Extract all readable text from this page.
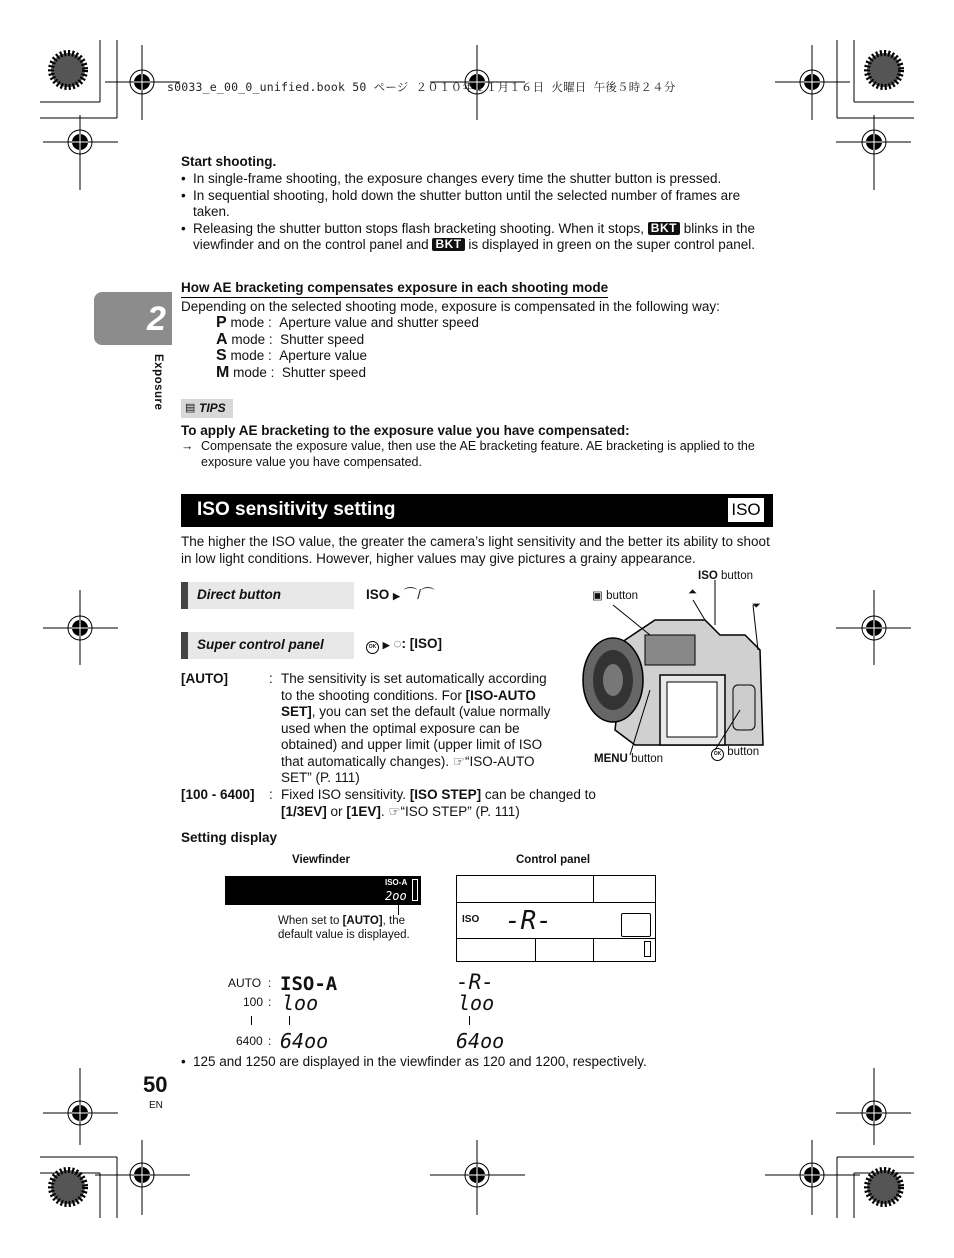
s0033_e_00_0_unified.book 50 ページ ２０１０年１１月１６日 火曜日 午後５時２４分
2
Exposure
Start shooting.
• In single-frame shooting, the exposure changes every time the shutter button is pressed.
• In sequential shooting, hold down the shutter button until the selected number of frames are taken.
• Releasing the shutter button stops flash bracketing shooting. When it stops, BKT blinks in the viewfinder and on the control panel and BKT is displayed in green on the super control panel.
How AE bracketing compensates exposure in each shooting mode
Depending on the selected shooting mode, exposure is compensated in the following way:
P mode :  Aperture value and shutter speed
A mode :  Shutter speed
S mode :  Aperture value
M mode :  Shutter speed
▤ TIPS
To apply AE bracketing to the exposure value you have compensated:
→ Compensate the exposure value, then use the AE bracketing feature. AE bracketing is applied to the exposure value you have compensated.
ISO sensitivity setting	ISO
The higher the ISO value, the greater the camera’s light sensitivity and the better its ability to shoot in low light conditions. However, higher values may give pictures a grainy appearance.
Direct button	ISO ▶ ⌒/⌒
Super control panel	OK ▶ ◌: [ISO]
[AUTO]	: The sensitivity is set automatically according to the shooting conditions. For [ISO-AUTO SET], you can set the default (value normally used when the optimal exposure can be obtained) and upper limit (upper limit of ISO that automatically changes). ☞“ISO-AUTO SET” (P. 111)
[100 - 6400] : Fixed ISO sensitivity. [ISO STEP] can be changed to [1/3EV] or [1EV]. ☞“ISO STEP” (P. 111)
ISO button
▣ button	⏶
⏷
MENU button	OK button
Setting display
Viewfinder	Control panel
ISO-A
2oo
When set to [AUTO], the default value is displayed.
ISO -R-
AUTO : ISO-A	-R-
100 : loo	loo
6400 : 64oo	64oo
• 125 and 1250 are displayed in the viewfinder as 120 and 1200, respectively.
50
EN
